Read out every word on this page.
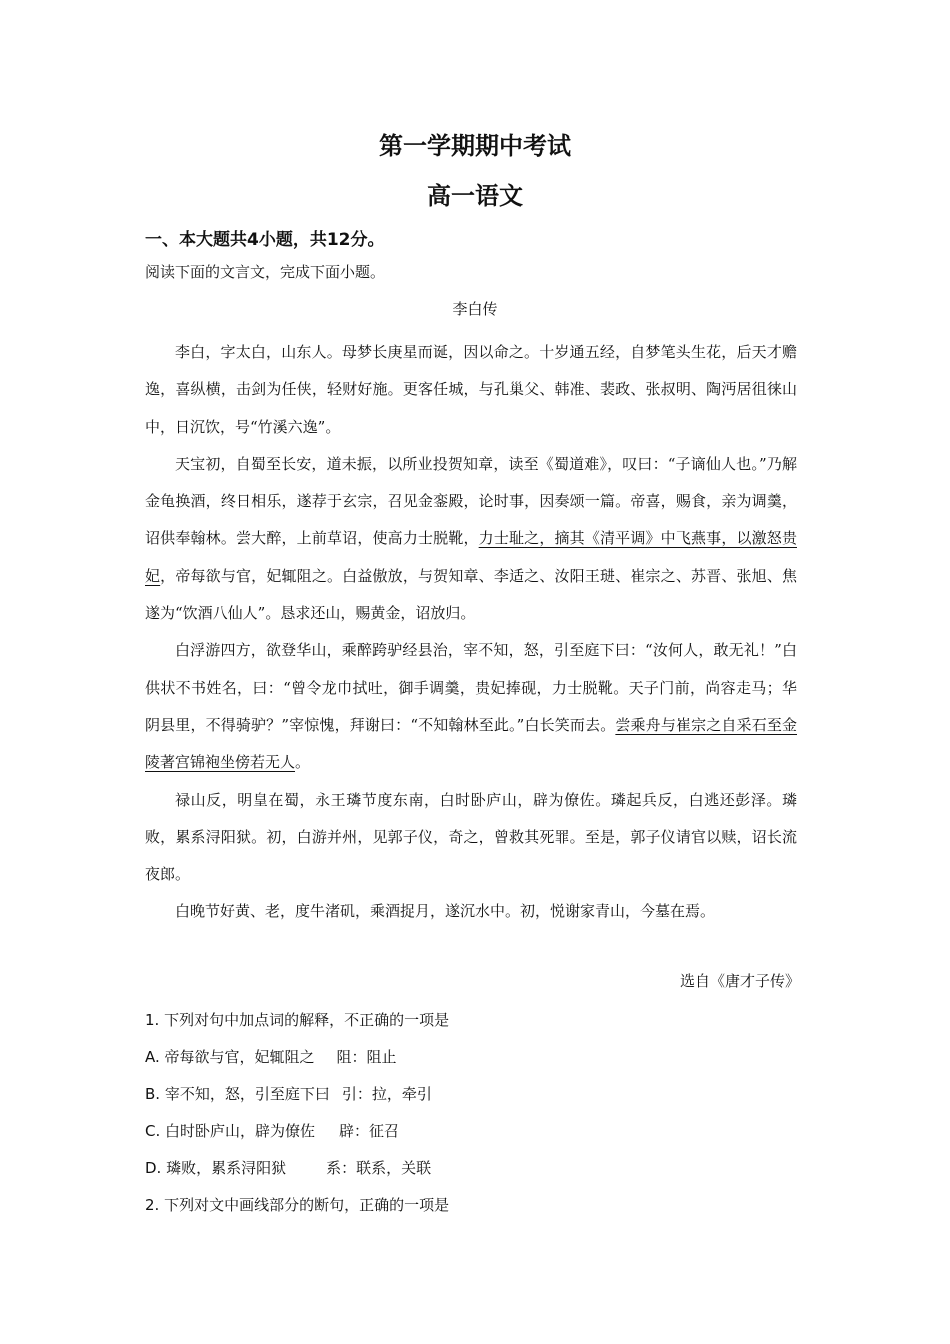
第一学期期中考试
高一语文
一、本大题共4小题，共12分。
阅读下面的文言文，完成下面小题。
李白传

李白，字太白，山东人。母梦长庚星而诞，因以命之。十岁通五经，自梦笔头生花，后天才赡逸，喜纵横，击剑为任侠，轻财好施。更客任城，与孔巢父、韩准、裴政、张叔明、陶沔居徂徕山中，日沉饮，号“竹溪六逸”。

天宝初，自蜀至长安，道未振，以所业投贺知章，读至《蜀道难》，叹曰：“子谪仙人也。”乃解金龟换酒，终日相乐，遂荐于玄宗，召见金銮殿，论时事，因奏颂一篇。帝喜，赐食，亲为调羹，诏供奉翰林。尝大醉，上前草诏，使高力士脱靴，力士耻之，摘其《清平调》中飞燕事，以激怒贵妃，帝每欲与官，妃辄阻之。白益傲放，与贺知章、李适之、汝阳王琎、崔宗之、苏晋、张旭、焦遂为“饮酒八仙人”。恳求还山，赐黄金，诏放归。

白浮游四方，欲登华山，乘醉跨驴经县治，宰不知，怒，引至庭下曰：“汝何人，敢无礼！”白供状不书姓名，曰：“曾令龙巾拭吐，御手调羹，贵妃捧砚，力士脱靴。天子门前，尚容走马；华阴县里，不得骑驴？”宰惊愧，拜谢曰：“不知翰林至此。”白长笑而去。尝乘舟与崔宗之自采石至金陵著宫锦袍坐傍若无人。

禄山反，明皇在蜀，永王璘节度东南，白时卧庐山，辟为僚佐。璘起兵反，白逃还彭泽。璘败，累系浔阳狱。初，白游并州，见郭子仪，奇之，曾救其死罪。至是，郭子仪请官以赎，诏长流夜郎。

白晚节好黄、老，度牛渚矶，乘酒捉月，遂沉水中。初，悦谢家青山，今墓在焉。

选自《唐才子传》
1. 下列对句中加点词的解释，不正确的一项是
A. 帝每欲与官，妃辄阻之 阻：阻止
B. 宰不知，怒，引至庭下曰 引：拉，牵引
C. 白时卧庐山，辟为僚佐 辟：征召
D. 璘败，累系浔阳狱	系：联系，关联
2. 下列对文中画线部分的断句，正确的一项是
